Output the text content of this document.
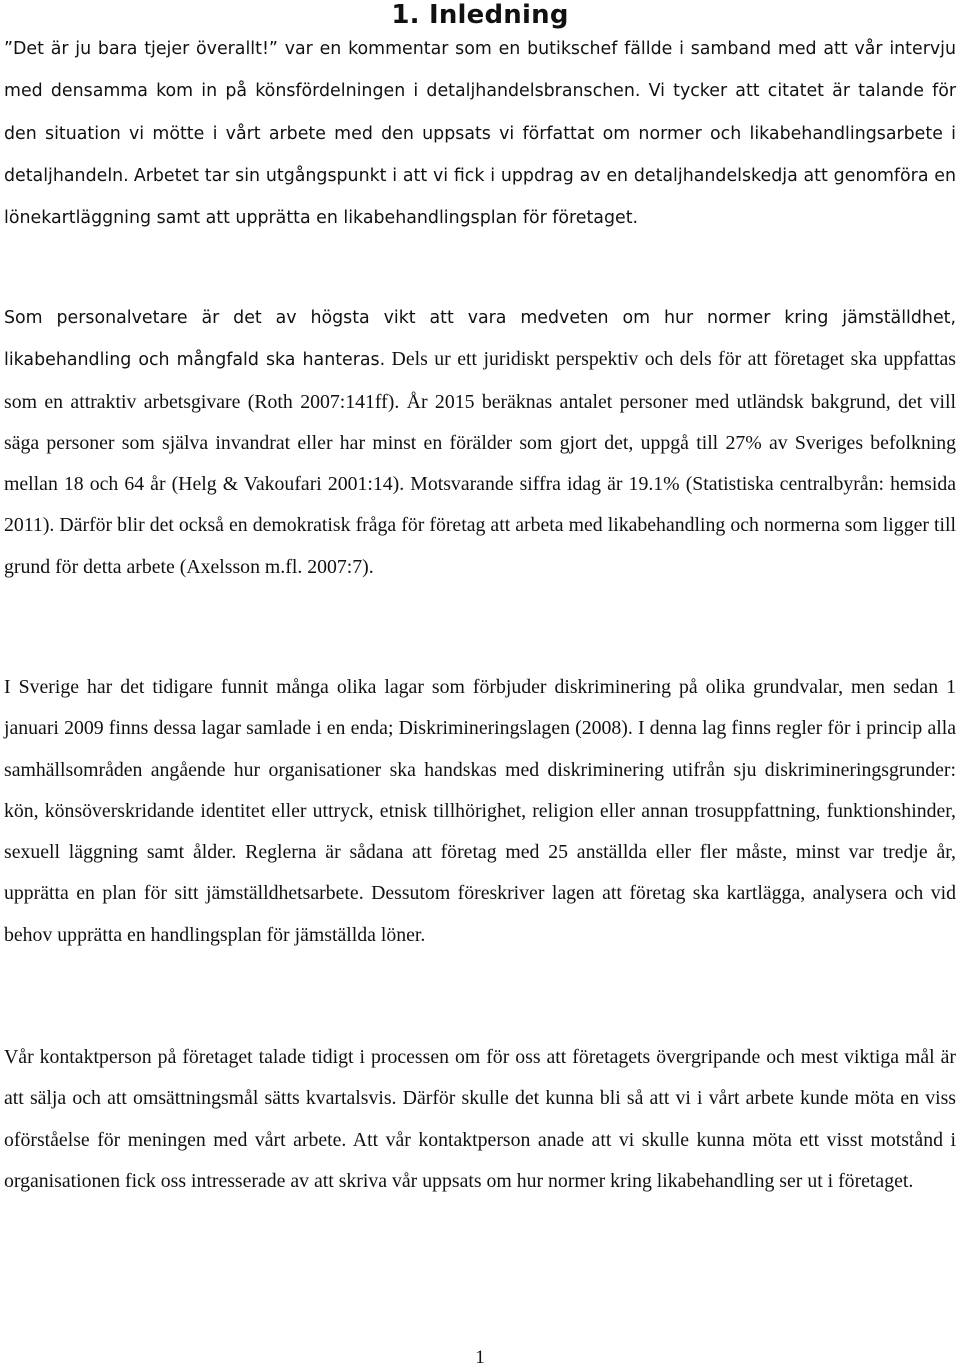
1. Inledning

”Det är ju bara tjejer överallt!” var en kommentar som en butikschef fällde i samband med att vår intervju med densamma kom in på könsfördelningen i detaljhandelsbranschen. Vi tycker att citatet är talande för den situation vi mötte i vårt arbete med den uppsats vi författat om normer och likabehandlingsarbete i detaljhandeln. Arbetet tar sin utgångspunkt i att vi fick i uppdrag av en detaljhandelskedja att genomföra en lönekartläggning samt att upprätta en likabehandlingsplan för företaget.

Som personalvetare är det av högsta vikt att vara medveten om hur normer kring jämställdhet, likabehandling och mångfald ska hanteras. Dels ur ett juridiskt perspektiv och dels för att företaget ska uppfattas som en attraktiv arbetsgivare (Roth 2007:141ff). År 2015 beräknas antalet personer med utländsk bakgrund, det vill säga personer som själva invandrat eller har minst en förälder som gjort det, uppgå till 27% av Sveriges befolkning mellan 18 och 64 år (Helg & Vakoufari 2001:14). Motsvarande siffra idag är 19.1% (Statistiska centralbyrån: hemsida 2011). Därför blir det också en demokratisk fråga för företag att arbeta med likabehandling och normerna som ligger till grund för detta arbete (Axelsson m.fl. 2007:7).

I Sverige har det tidigare funnit många olika lagar som förbjuder diskriminering på olika grundvalar, men sedan 1 januari 2009 finns dessa lagar samlade i en enda; Diskrimineringslagen (2008). I denna lag finns regler för i princip alla samhällsområden angående hur organisationer ska handskas med diskriminering utifrån sju diskrimineringsgrunder: kön, könsöverskridande identitet eller uttryck, etnisk tillhörighet, religion eller annan trosuppfattning, funktionshinder, sexuell läggning samt ålder. Reglerna är sådana att företag med 25 anställda eller fler måste, minst var tredje år, upprätta en plan för sitt jämställdhetsarbete. Dessutom föreskriver lagen att företag ska kartlägga, analysera och vid behov upprätta en handlingsplan för jämställda löner.

Vår kontaktperson på företaget talade tidigt i processen om för oss att företagets övergripande och mest viktiga mål är att sälja och att omsättningsmål sätts kvartalsvis. Därför skulle det kunna bli så att vi i vårt arbete kunde möta en viss oförståelse för meningen med vårt arbete. Att vår kontaktperson anade att vi skulle kunna möta ett visst motstånd i organisationen fick oss intresserade av att skriva vår uppsats om hur normer kring likabehandling ser ut i företaget.

1
